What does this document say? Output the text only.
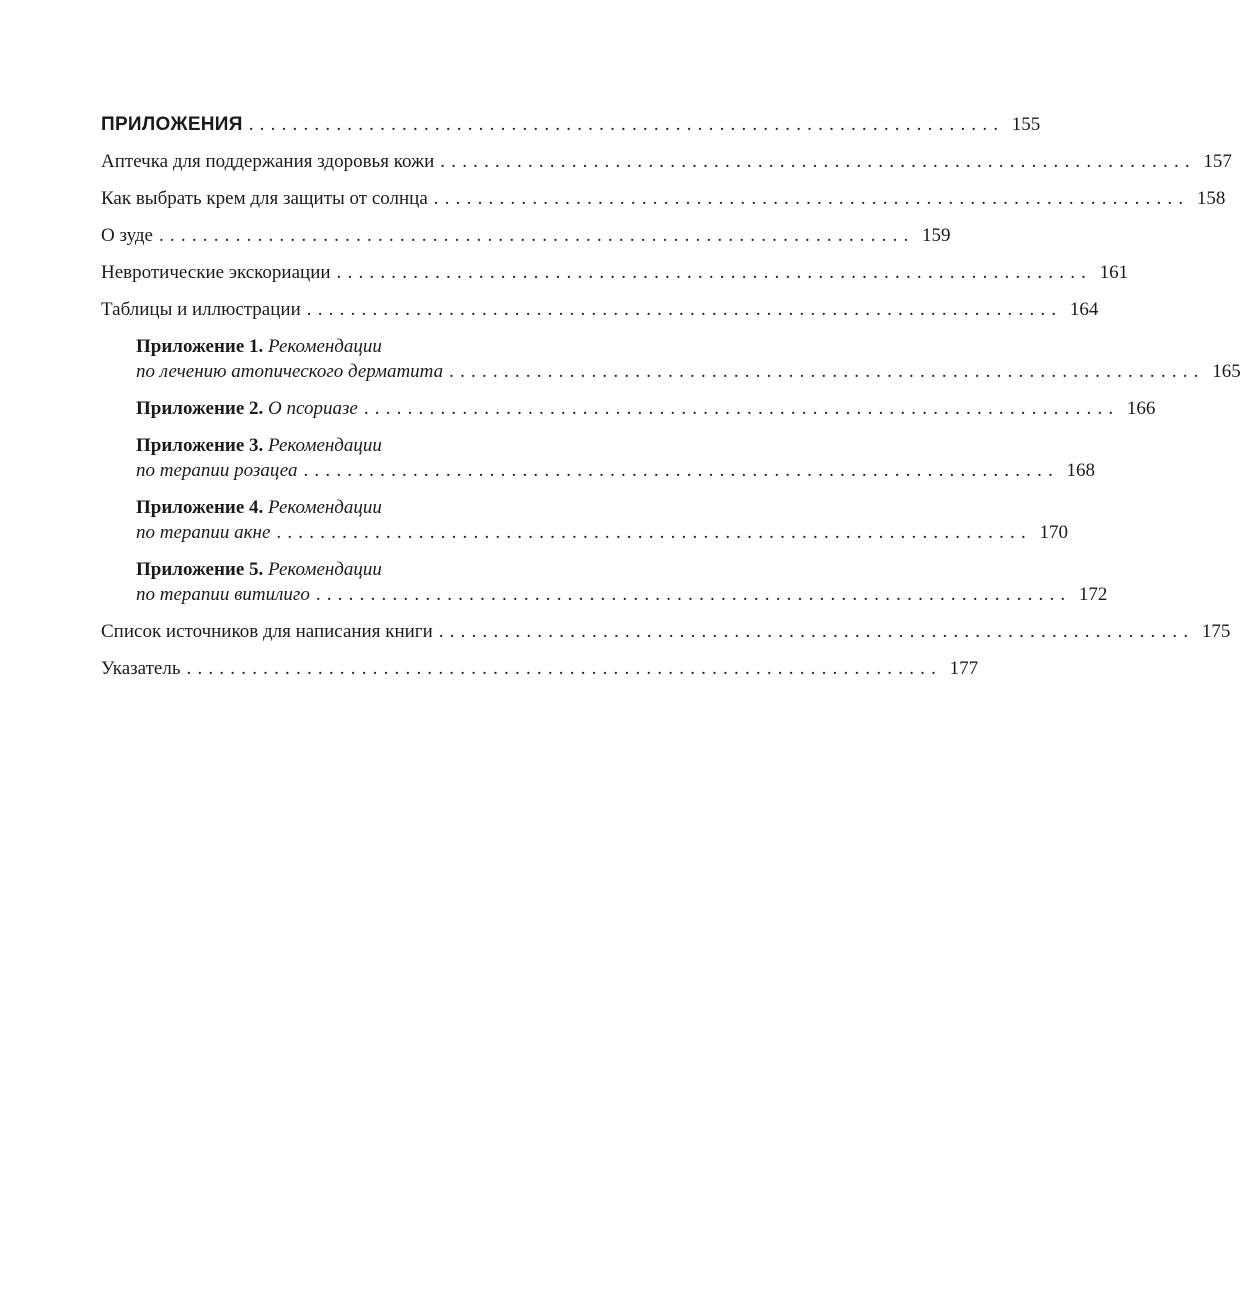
ПРИЛОЖЕНИЯ ..................................................................... 155
Аптечка для поддержания здоровья кожи ..................................................................... 157
Как выбрать крем для защиты от солнца ..................................................................... 158
О зуде ..................................................................... 159
Невротические экскориации ..................................................................... 161
Таблицы и иллюстрации ..................................................................... 164
Приложение 1. Рекомендации
по лечению атопического дерматита ..................................................................... 165
Приложение 2. О псориазе ..................................................................... 166
Приложение 3. Рекомендации
по терапии розацеа ..................................................................... 168
Приложение 4. Рекомендации
по терапии акне ..................................................................... 170
Приложение 5. Рекомендации
по терапии витилиго ..................................................................... 172
Список источников для написания книги ..................................................................... 175
Указатель ..................................................................... 177
